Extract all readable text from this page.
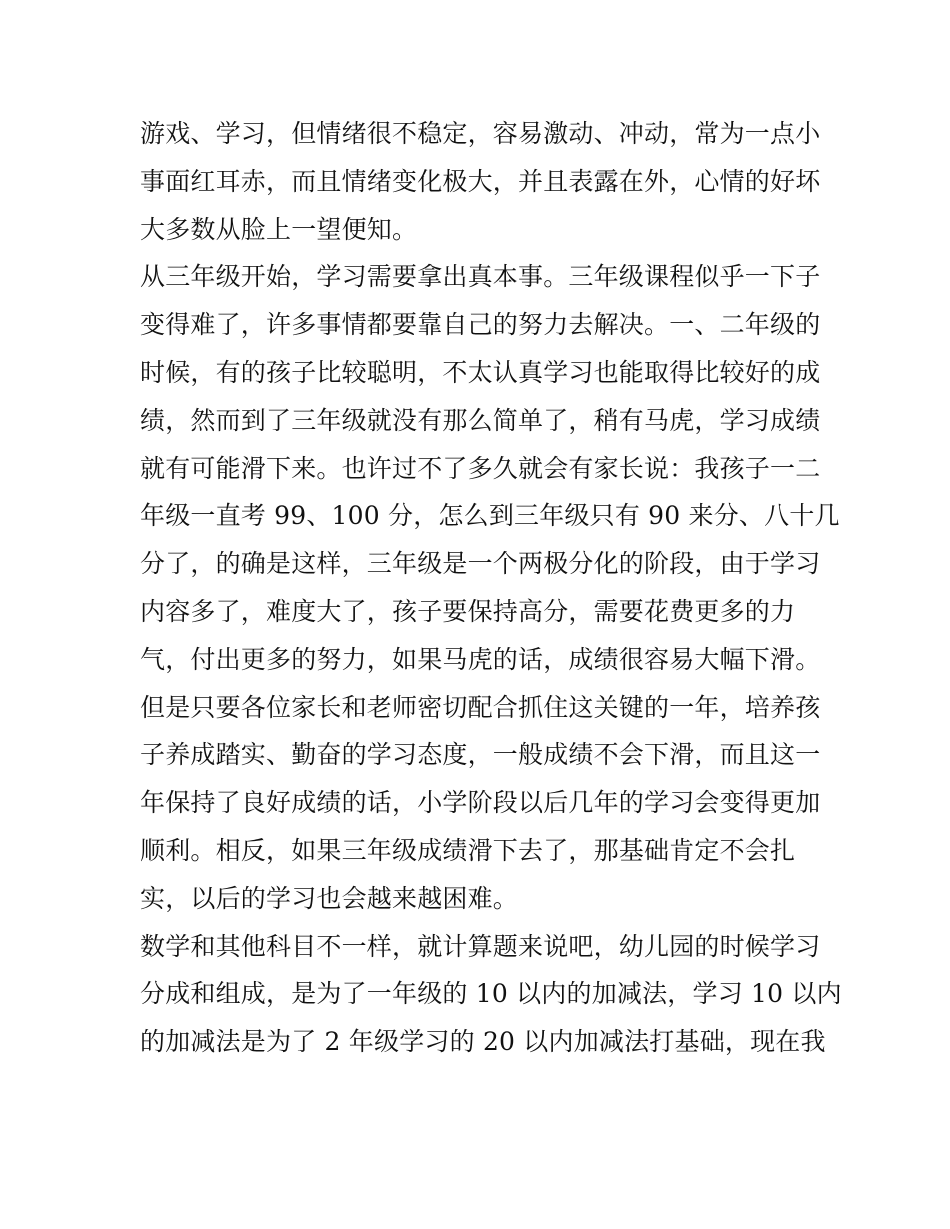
游戏、学习，但情绪很不稳定，容易激动、冲动，常为一点小
事面红耳赤，而且情绪变化极大，并且表露在外，心情的好坏
大多数从脸上一望便知。
从三年级开始，学习需要拿出真本事。三年级课程似乎一下子
变得难了，许多事情都要靠自己的努力去解决。一、二年级的
时候，有的孩子比较聪明，不太认真学习也能取得比较好的成
绩，然而到了三年级就没有那么简单了，稍有马虎，学习成绩
就有可能滑下来。也许过不了多久就会有家长说：我孩子一二
年级一直考 99、100 分，怎么到三年级只有 90 来分、八十几
分了，的确是这样，三年级是一个两极分化的阶段，由于学习
内容多了，难度大了，孩子要保持高分，需要花费更多的力
气，付出更多的努力，如果马虎的话，成绩很容易大幅下滑。
但是只要各位家长和老师密切配合抓住这关键的一年，培养孩
子养成踏实、勤奋的学习态度，一般成绩不会下滑，而且这一
年保持了良好成绩的话，小学阶段以后几年的学习会变得更加
顺利。相反，如果三年级成绩滑下去了，那基础肯定不会扎
实，以后的学习也会越来越困难。
数学和其他科目不一样，就计算题来说吧，幼儿园的时候学习
分成和组成，是为了一年级的 10 以内的加减法，学习 10 以内
的加减法是为了 2 年级学习的 20 以内加减法打基础，现在我
